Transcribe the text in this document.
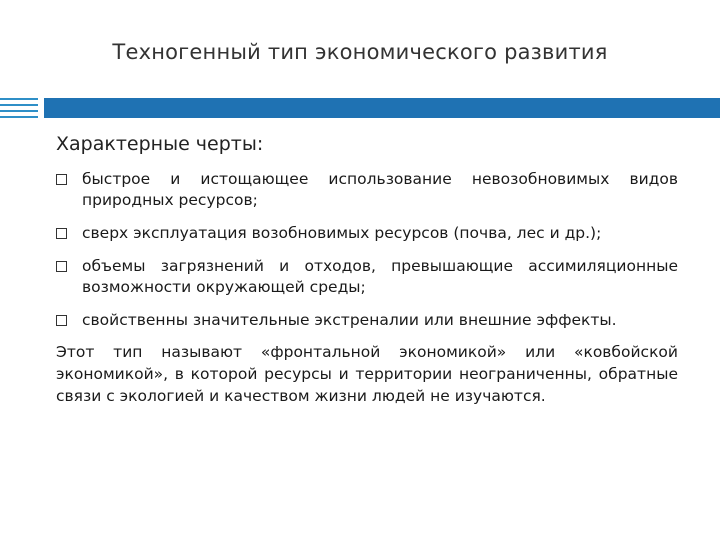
Техногенный тип экономического развития
Характерные черты:
быстрое и истощающее использование невозобновимых видов природных ресурсов;
сверх эксплуатация возобновимых ресурсов (почва, лес и др.);
объемы загрязнений и отходов, превышающие ассимиляционные возможности окружающей среды;
свойственны значительные экстреналии или внешние эффекты.
Этот тип называют «фронтальной экономикой» или «ковбойской экономикой», в которой ресурсы и территории неограниченны, обратные связи с экологией и качеством жизни людей не изучаются.
